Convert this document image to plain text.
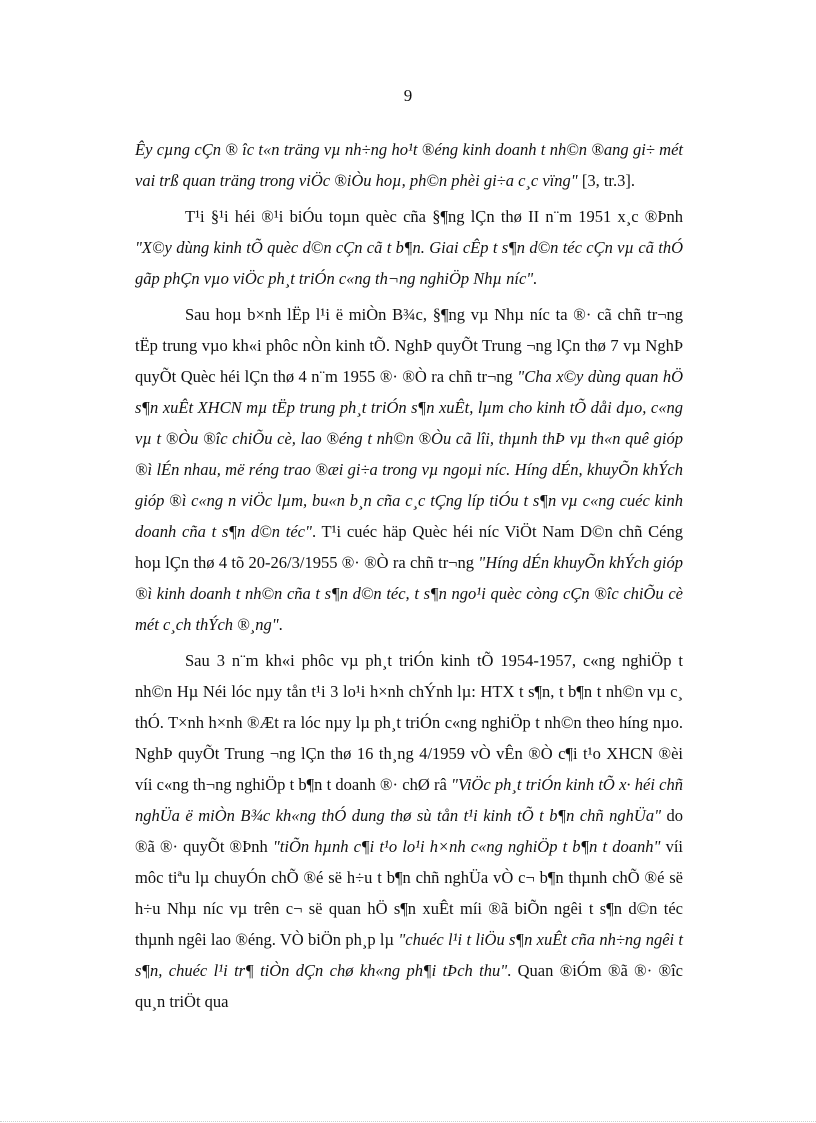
9

Êy cµng cÇn ® îc t«n träng vµ nh÷ng ho¹t ®éng kinh doanh t nh©n ®ang gi÷ mét vai trß quan träng trong viÖc ®iÒu hoµ, ph©n phèi gi÷a c¸c vïng" [3, tr.3].

T¹i §¹i héi ®¹i biÓu toµn quèc cña §¶ng lÇn thø II n¨m 1951 x¸c ®Þnh "X©y dùng kinh tÕ quèc d©n cÇn cã t b¶n. Giai cÊp t s¶n d©n téc cÇn vµ cã thÓ gãp phÇn vµo viÖc ph¸t triÓn c«ng th¬ng nghiÖp Nhµ níc".

Sau hoµ b×nh lËp l¹i ë miÒn B¾c, §¶ng vµ Nhµ níc ta ®· cã chñ tr¬ng tËp trung vµo kh«i phôc nÒn kinh tÕ. NghÞ quyÕt Trung ¬ng lÇn thø 7 vµ NghÞ quyÕt Quèc héi lÇn thø 4 n¨m 1955 ®· ®Ò ra chñ tr¬ng "Cha x©y dùng quan hÖ s¶n xuÊt XHCN mµ tËp trung ph¸t triÓn s¶n xuÊt, lµm cho kinh tÕ dåi dµo, c«ng vµ t ®Òu ®îc chiÕu cè, lao ®éng t nh©n ®Òu cã lîi, thµnh thÞ vµ th«n quê gióp ®ì lÉn nhau, më réng trao ®æi gi÷a trong vµ ngoµi níc. Híng dÉn, khuyÕn khÝch gióp ®ì c«ng n viÖc lµm, bu«n b¸n cña c¸c tÇng líp tiÓu t s¶n vµ c«ng cuéc kinh doanh cña t s¶n d©n téc". T¹i cuéc häp Quèc héi níc ViÖt Nam D©n chñ Céng hoµ lÇn thø 4 tõ 20-26/3/1955 ®· ®Ò ra chñ tr¬ng "Híng dÉn khuyÕn khÝch gióp ®ì kinh doanh t nh©n cña t s¶n d©n téc, t s¶n ngo¹i quèc còng cÇn ®îc chiÕu cè mét c¸ch thÝch ®¸ng".

Sau 3 n¨m kh«i phôc vµ ph¸t triÓn kinh tÕ 1954-1957, c«ng nghiÖp t nh©n Hµ Néi lóc nµy tån t¹i 3 lo¹i h×nh chÝnh lµ: HTX t s¶n, t b¶n t nh©n vµ c¸ thÓ. T×nh h×nh ®Æt ra lóc nµy lµ ph¸t triÓn c«ng nghiÖp t nh©n theo híng nµo. NghÞ quyÕt Trung ¬ng lÇn thø 16 th¸ng 4/1959 vÒ vÊn ®Ò c¶i t¹o XHCN ®èi víi c«ng th¬ng nghiÖp t b¶n t doanh ®· chØ râ "ViÖc ph¸t triÓn kinh tÕ x· héi chñ nghÜa ë miÒn B¾c kh«ng thÓ dung thø sù tån t¹i kinh tÕ t b¶n chñ nghÜa" do ®ã ®· quyÕt ®Þnh "tiÕn hµnh c¶i t¹o lo¹i h×nh c«ng nghiÖp t b¶n t doanh" víi môc tiªu lµ chuyÓn chÕ ®é së h÷u t b¶n chñ nghÜa vÒ c¬ b¶n thµnh chÕ ®é së h÷u Nhµ níc vµ trên c¬ së quan hÖ s¶n xuÊt míi ®ã biÕn ngêi t s¶n d©n téc thµnh ngêi lao ®éng. VÒ biÖn ph¸p lµ "chuéc l¹i t liÖu s¶n xuÊt cña nh÷ng ngêi t s¶n, chuéc l¹i tr¶ tiÒn dÇn chø kh«ng ph¶i tÞch thu". Quan ®iÓm ®ã ®· ®îc qu¸n triÖt qua
